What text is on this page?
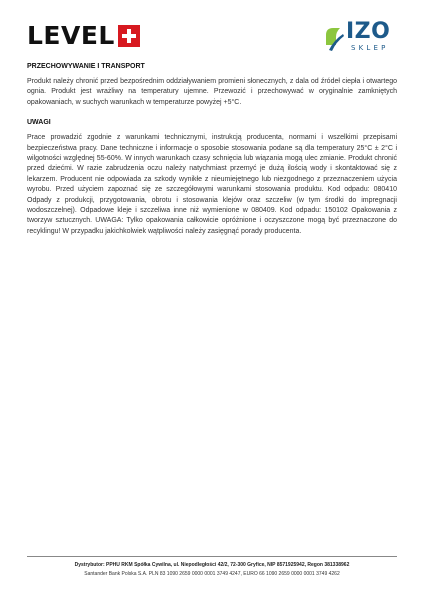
LEVEL	IZO
SKLEP
PRZECHOWYWANIE I TRANSPORT

Produkt należy chronić przed bezpośrednim oddziaływaniem promieni słonecznych, z dala od źródeł ciepła i otwartego ognia. Produkt jest wrażliwy na temperatury ujemne. Przewozić i przechowywać w oryginalnie zamkniętych opakowaniach, w suchych warunkach w temperaturze powyżej +5°C.

UWAGI

Prace prowadzić zgodnie z warunkami technicznymi, instrukcją producenta, normami i wszelkimi przepisami bezpieczeństwa pracy. Dane techniczne i informacje o sposobie stosowania podane są dla temperatury 25°C ± 2°C i wilgotności względnej 55-60%. W innych warunkach czasy schnięcia lub wiązania mogą ulec zmianie. Produkt chronić przed dziećmi. W razie zabrudzenia oczu należy natychmiast przemyć je dużą ilością wody i skontaktować się z lekarzem. Producent nie odpowiada za szkody wynikłe z nieumiejętnego lub niezgodnego z przeznaczeniem użycia wyrobu. Przed użyciem zapoznać się ze szczegółowymi warunkami stosowania produktu. Kod odpadu: 080410 Odpady z produkcji, przygotowania, obrotu i stosowania klejów oraz szczeliw (w tym środki do impregnacji wodoszczelnej). Odpadowe kleje i szczeliwa inne niż wymienione w 080409. Kod odpadu: 150102 Opakowania z tworzyw sztucznych. UWAGA: Tylko opakowania całkowicie opróżnione i oczyszczone mogą być przeznaczone do recyklingu! W przypadku jakichkolwiek wątpliwości należy zasięgnąć porady producenta.

Dystrybutor: PPHU RKM Spółka Cywilna, ul. Niepodległości 42/2, 72-300 Gryfice, NIP 8571925942, Regon 381338962
Santander Bank Polska S.A. PLN 83 1090 2659 0000 0001 3749 4247, EURO 66 1090 2659 0000 0001 3749 4262
